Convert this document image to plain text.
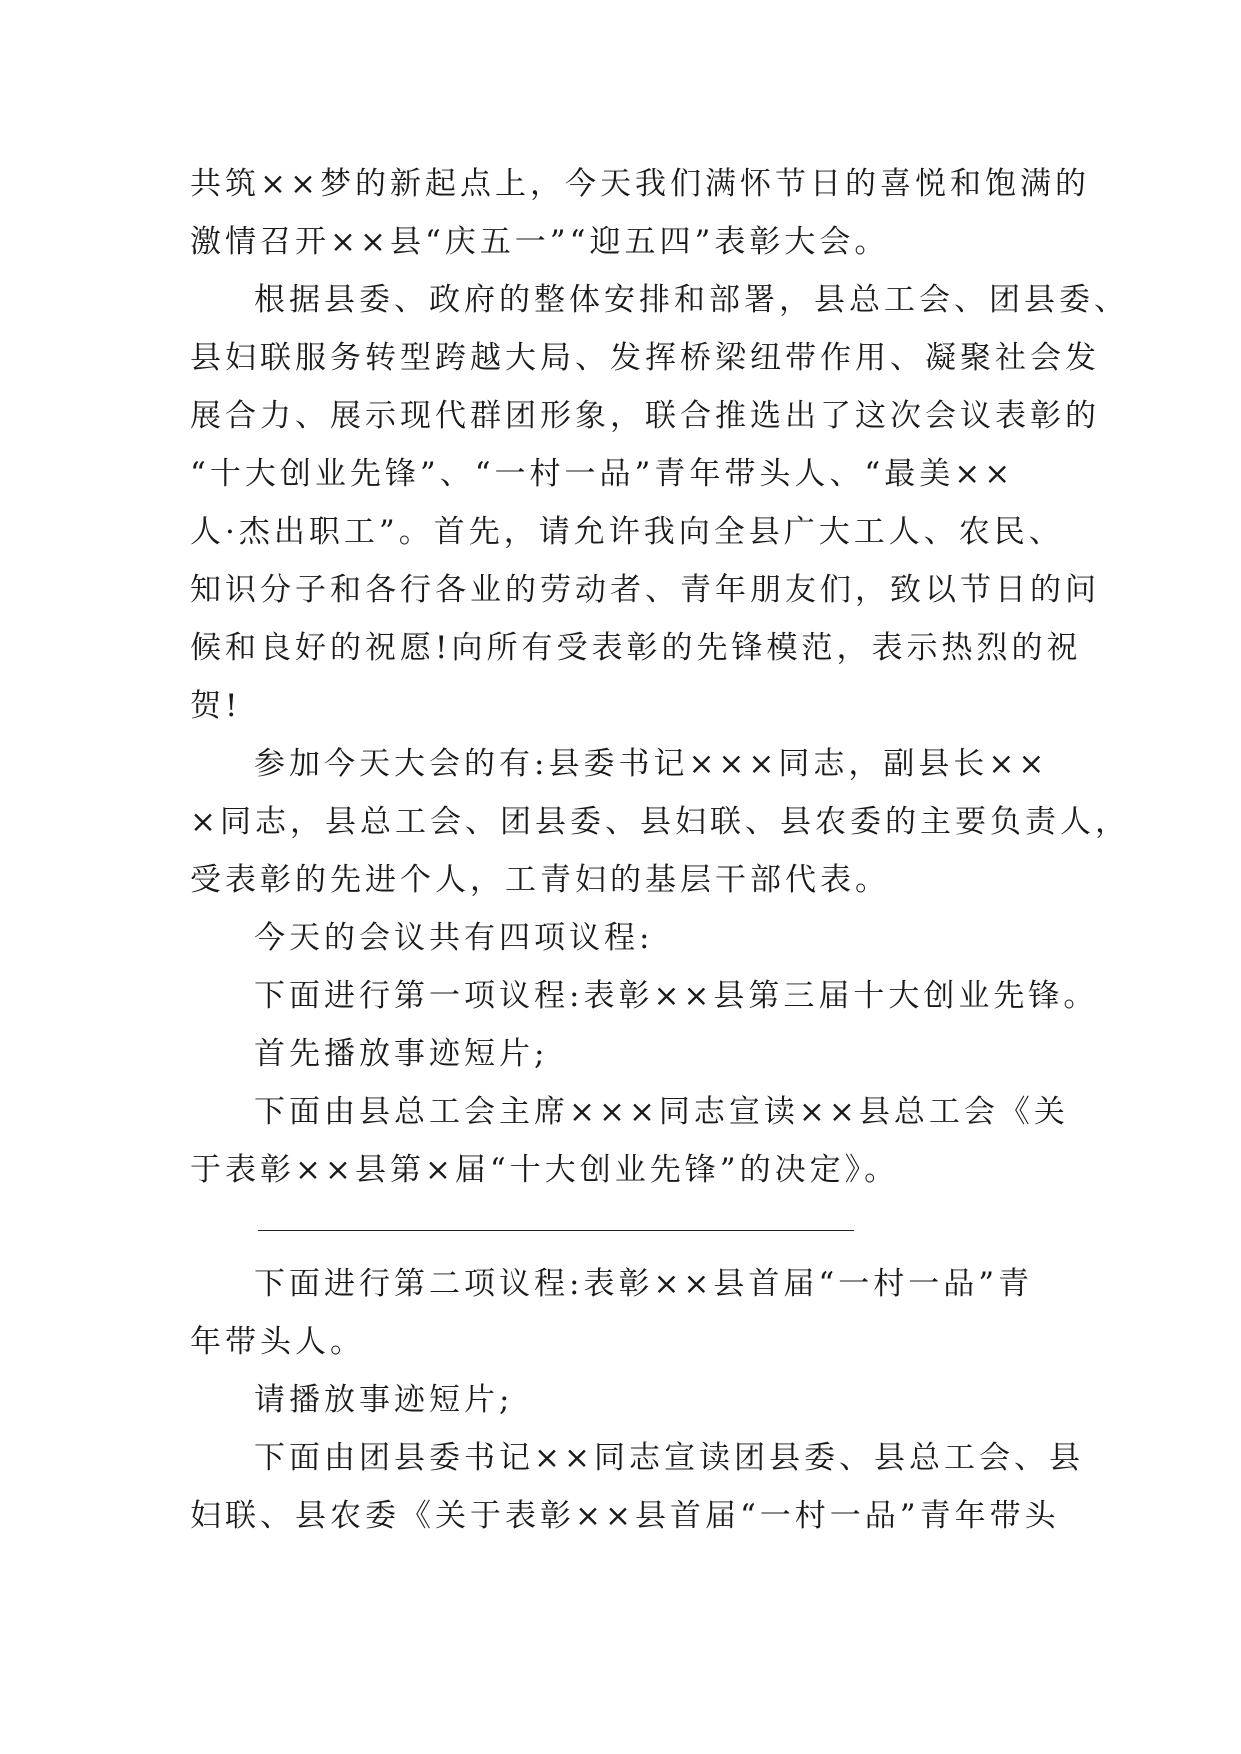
共筑××梦的新起点上，今天我们满怀节日的喜悦和饱满的
激情召开××县“庆五一”“迎五四”表彰大会。
根据县委、政府的整体安排和部署，县总工会、团县委、
县妇联服务转型跨越大局、发挥桥梁纽带作用、凝聚社会发
展合力、展示现代群团形象，联合推选出了这次会议表彰的
“十大创业先锋”、“一村一品”青年带头人、“最美××
人·杰出职工”。首先，请允许我向全县广大工人、农民、
知识分子和各行各业的劳动者、青年朋友们，致以节日的问
候和良好的祝愿!向所有受表彰的先锋模范，表示热烈的祝
贺!
参加今天大会的有:县委书记×××同志，副县长××
×同志，县总工会、团县委、县妇联、县农委的主要负责人，
受表彰的先进个人，工青妇的基层干部代表。
今天的会议共有四项议程:
下面进行第一项议程:表彰××县第三届十大创业先锋。
首先播放事迹短片;
下面由县总工会主席×××同志宣读××县总工会《关
于表彰××县第×届“十大创业先锋”的决定》。
下面进行第二项议程:表彰××县首届“一村一品”青
年带头人。
请播放事迹短片;
下面由团县委书记××同志宣读团县委、县总工会、县
妇联、县农委《关于表彰××县首届“一村一品”青年带头
